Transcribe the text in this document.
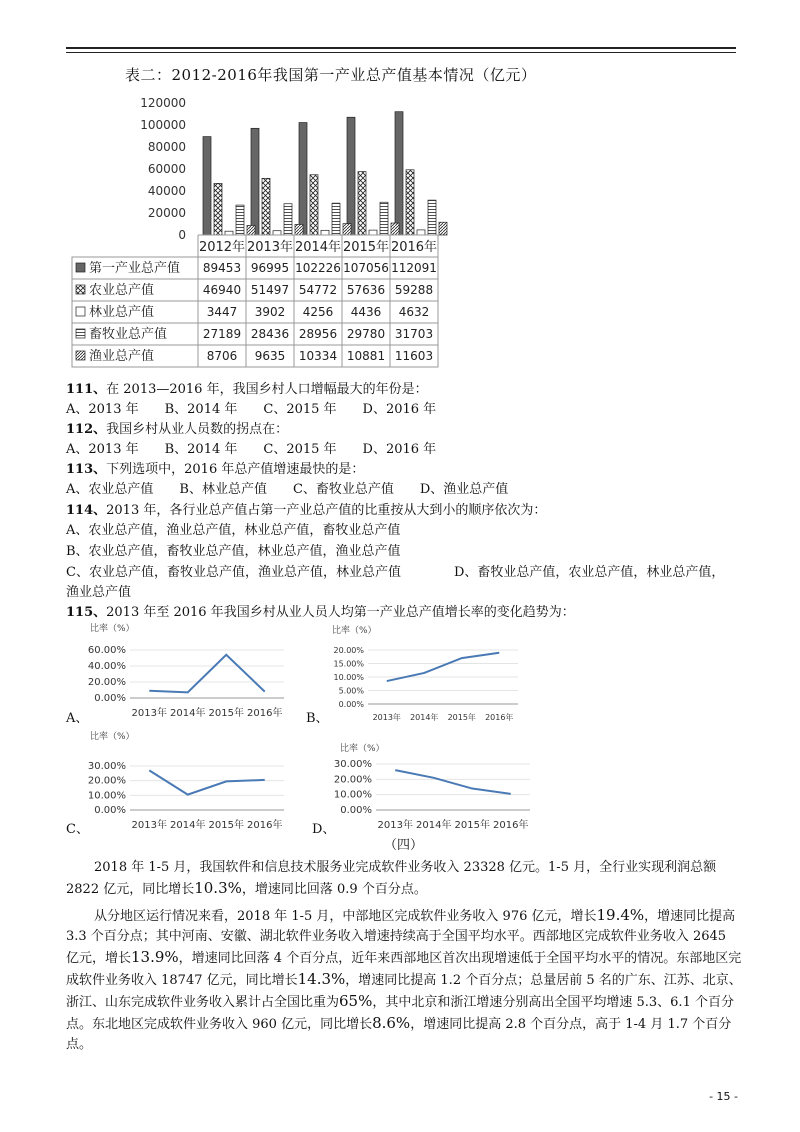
表二：2012-2016年我国第一产业总产值基本情况（亿元）
0
20000
40000
60000
80000
100000
120000
2012年 2013年 2014年 2015年 2016年
第一产业总产值 89453 96995 102226 107056 112091
农业总产值	46940 51497 54772 57636 59288
林业总产值	3447 3902 4256 4436 4632
畜牧业总产值	27189 28436 28956 29780 31703
渔业总产值	8706 9635 10334 10881 11603
111、在 2013—2016 年，我国乡村人口增幅最大的年份是：
A、2013 年　　B、2014 年　　C、2015 年　　D、2016 年
112、我国乡村从业人员数的拐点在：
A、2013 年　　B、2014 年　　C、2015 年　　D、2016 年
113、下列选项中，2016 年总产值增速最快的是：
A、农业总产值　　B、林业总产值　　C、畜牧业总产值　　D、渔业总产值
114、2013 年，各行业总产值占第一产业总产值的比重按从大到小的顺序依次为：
A、农业总产值，渔业总产值，林业总产值，畜牧业总产值
B、农业总产值，畜牧业总产值，林业总产值，渔业总产值
C、农业总产值，畜牧业总产值，渔业总产值，林业总产值	D、畜牧业总产值，农业总产值，林业总产值，
渔业总产值
115、2013 年至 2016 年我国乡村从业人员人均第一产业总产值增长率的变化趋势为：
A、
比率（%）
0.00%
20.00%
40.00%
60.00%
2013年 2014年 2015年 2016年 B、
比率（%）
0.00%
5.00%
10.00%
15.00%
20.00%
2013年 2014年 2015年 2016年
C、
比率（%）
0.00%
10.00%
20.00%
30.00%
2013年 2014年 2015年 2016年 D、
比率（%）
0.00%
10.00%
20.00%
30.00%
2013年 2014年 2015年 2016年
（四）
2018 年 1-5 月，我国软件和信息技术服务业完成软件业务收入 23328 亿元。1-5 月，全行业实现利润总额 2822 亿元，同比增长10.3%，增速同比回落 0.9 个百分点。
从分地区运行情况来看，2018 年 1-5 月，中部地区完成软件业务收入 976 亿元，增长19.4%，增速同比提高 3.3 个百分点；其中河南、安徽、湖北软件业务收入增速持续高于全国平均水平。西部地区完成软件业务收入 2645 亿元，增长13.9%，增速同比回落 4 个百分点，近年来西部地区首次出现增速低于全国平均水平的情况。东部地区完成软件业务收入 18747 亿元，同比增长14.3%，增速同比提高 1.2 个百分点；总量居前 5 名的广东、江苏、北京、浙江、山东完成软件业务收入累计占全国比重为65%，其中北京和浙江增速分别高出全国平均增速 5.3、6.1 个百分点。东北地区完成软件业务收入 960 亿元，同比增长8.6%，增速同比提高 2.8 个百分点，高于 1-4 月 1.7 个百分点。
- 15 -
